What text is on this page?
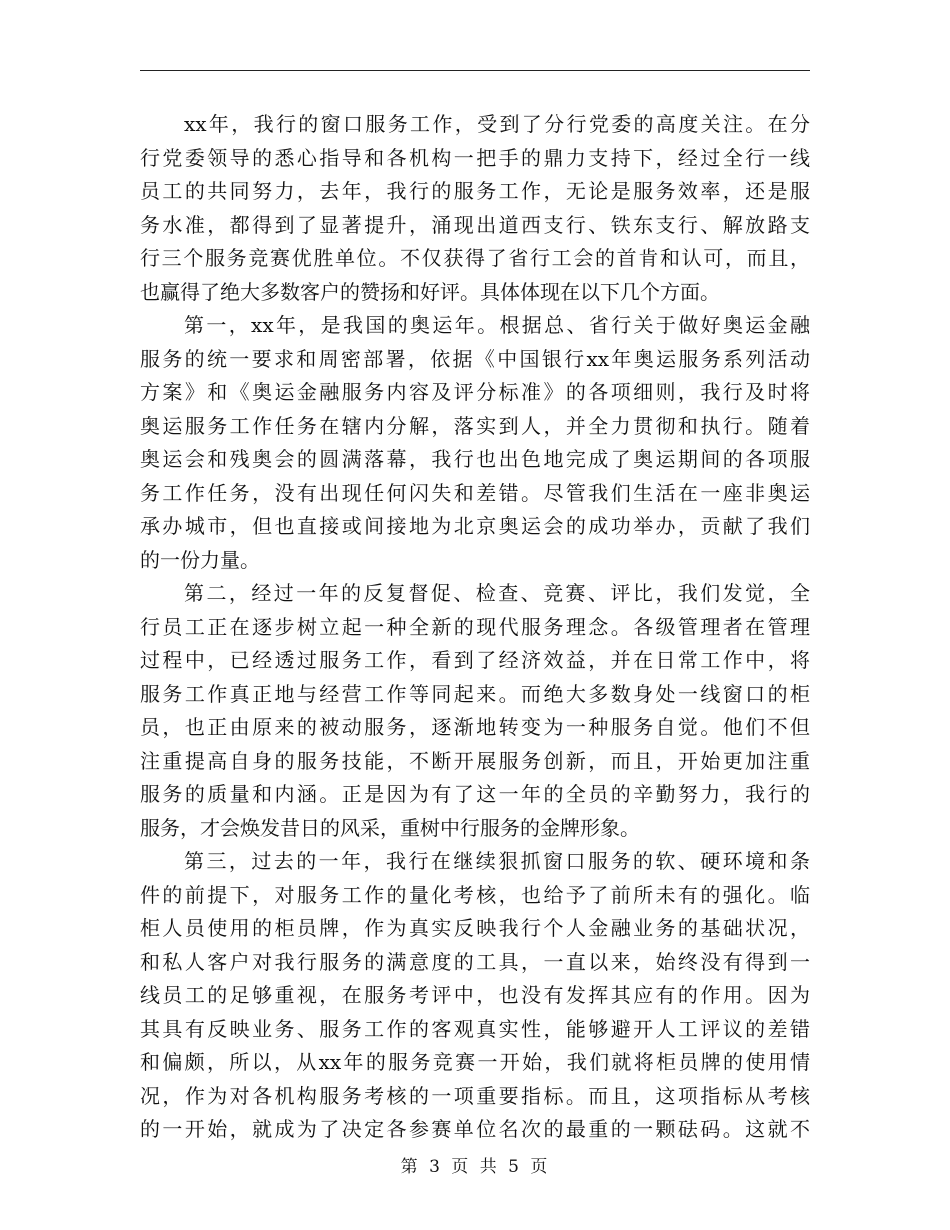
xx年，我行的窗口服务工作，受到了分行党委的高度关注。在分
行党委领导的悉心指导和各机构一把手的鼎力支持下，经过全行一线
员工的共同努力，去年，我行的服务工作，无论是服务效率，还是服
务水准，都得到了显著提升，涌现出道西支行、铁东支行、解放路支
行三个服务竞赛优胜单位。不仅获得了省行工会的首肯和认可，而且，
也赢得了绝大多数客户的赞扬和好评。具体体现在以下几个方面。
第一，xx年，是我国的奥运年。根据总、省行关于做好奥运金融
服务的统一要求和周密部署，依据《中国银行xx年奥运服务系列活动
方案》和《奥运金融服务内容及评分标准》的各项细则，我行及时将
奥运服务工作任务在辖内分解，落实到人，并全力贯彻和执行。随着
奥运会和残奥会的圆满落幕，我行也出色地完成了奥运期间的各项服
务工作任务，没有出现任何闪失和差错。尽管我们生活在一座非奥运
承办城市，但也直接或间接地为北京奥运会的成功举办，贡献了我们
的一份力量。
第二，经过一年的反复督促、检查、竞赛、评比，我们发觉，全
行员工正在逐步树立起一种全新的现代服务理念。各级管理者在管理
过程中，已经透过服务工作，看到了经济效益，并在日常工作中，将
服务工作真正地与经营工作等同起来。而绝大多数身处一线窗口的柜
员，也正由原来的被动服务，逐渐地转变为一种服务自觉。他们不但
注重提高自身的服务技能，不断开展服务创新，而且，开始更加注重
服务的质量和内涵。正是因为有了这一年的全员的辛勤努力，我行的
服务，才会焕发昔日的风采，重树中行服务的金牌形象。
第三，过去的一年，我行在继续狠抓窗口服务的软、硬环境和条
件的前提下，对服务工作的量化考核，也给予了前所未有的强化。临
柜人员使用的柜员牌，作为真实反映我行个人金融业务的基础状况，
和私人客户对我行服务的满意度的工具，一直以来，始终没有得到一
线员工的足够重视，在服务考评中，也没有发挥其应有的作用。因为
其具有反映业务、服务工作的客观真实性，能够避开人工评议的差错
和偏颇，所以，从xx年的服务竞赛一开始，我们就将柜员牌的使用情
况，作为对各机构服务考核的一项重要指标。而且，这项指标从考核
的一开始，就成为了决定各参赛单位名次的最重的一颗砝码。这就不
第 3 页 共 5 页
